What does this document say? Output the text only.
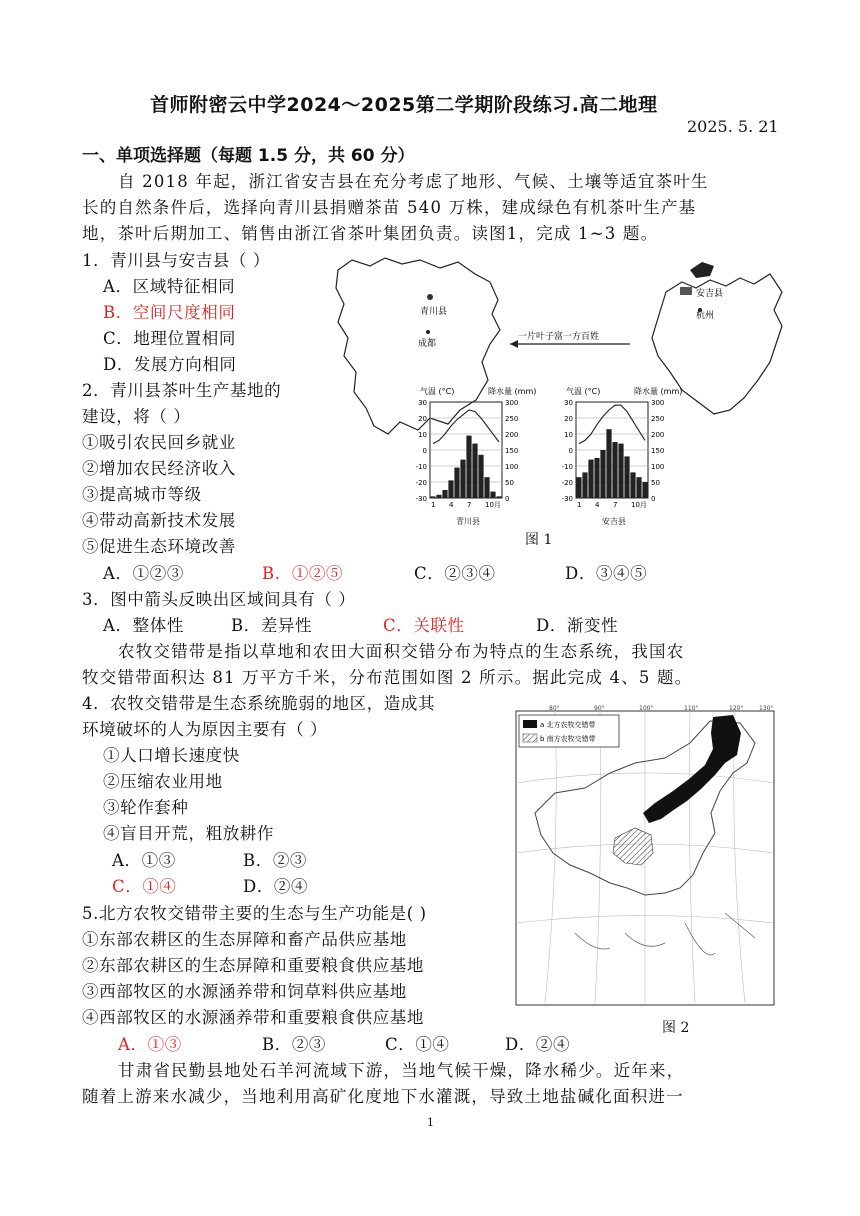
首师附密云中学2024～2025第二学期阶段练习.高二地理
2025. 5. 21
一、单项选择题（每题 1.5 分，共 60 分）
自 2018 年起，浙江省安吉县在充分考虑了地形、气候、土壤等适宜茶叶生
长的自然条件后，选择向青川县捐赠茶苗 540 万株，建成绿色有机茶叶生产基
地，茶叶后期加工、销售由浙江省茶叶集团负责。读图1，完成 1~3 题。
1．青川县与安吉县（ ）
A．区域特征相同
B．空间尺度相同
C．地理位置相同
D．发展方向相同
2．青川县茶叶生产基地的
建设，将（ ）
①吸引农民回乡就业
②增加农民经济收入
③提高城市等级
④带动高新技术发展
⑤促进生态环境改善
A．①②③	B．①②⑤	C．②③④	D．③④⑤
3．图中箭头反映出区域间具有（ ）
A．整体性	B．差异性	C．关联性	D．渐变性
农牧交错带是指以草地和农田大面积交错分布为特点的生态系统，我国农
牧交错带面积达 81 万平方千米，分布范围如图 2 所示。据此完成 4、5 题。
4．农牧交错带是生态系统脆弱的地区，造成其
环境破坏的人为原因主要有（ ）
①人口增长速度快
②压缩农业用地
③轮作套种
④盲目开荒，粗放耕作
A．①③	B．②③
C．①④	D．②④
5.北方农牧交错带主要的生态与生产功能是( )
①东部农耕区的生态屏障和畜产品供应基地
②东部农耕区的生态屏障和重要粮食供应基地
③西部牧区的水源涵养带和饲草料供应基地
④西部牧区的水源涵养带和重要粮食供应基地
A．①③	B．②③	C．①④	D．②④
甘肃省民勤县地处石羊河流域下游，当地气候干燥，降水稀少。近年来，
随着上游来水减少，当地利用高矿化度地下水灌溉，导致土地盐碱化面积进一
1
青川县
成都
安吉县
杭州
一片叶子富一方百姓
气温 (°C)	降水量 (mm)
30
20
10
0
-10
-20
-30
300
250
200
150
100
50
0
1 4 7 10月
青川县
气温 (°C)	降水量 (mm)
30
20
10
0
-10
-20
-30
300
250
200
150
100
50
0
1 4 7 10月
安吉县
图 1
80°	90°	100°	110°	120°	130°
a 北方农牧交错带
b 南方农牧交错带
图 2
